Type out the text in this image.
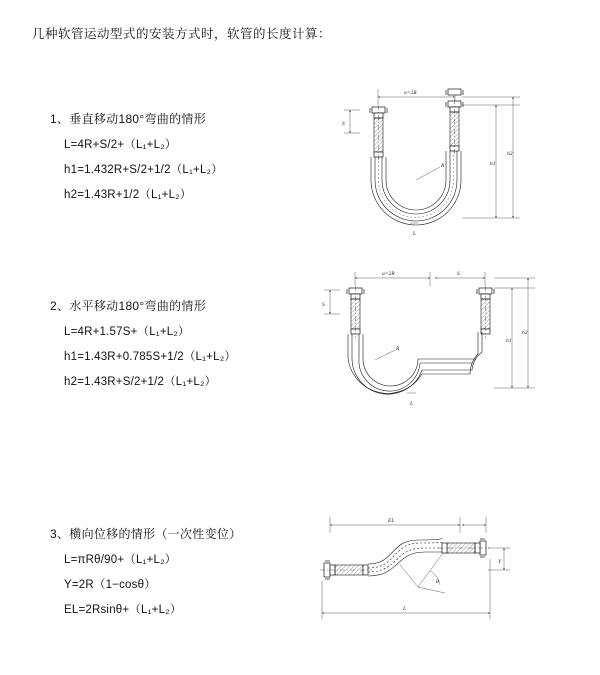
几种软管运动型式的安装方式时，软管的长度计算：
1、垂直移动180°弯曲的情形
L=4R+S/2+（L₁+L₂）
h1=1.432R+S/2+1/2（L₁+L₂）
h2=1.43R+1/2（L₁+L₂）
a=2R
S
R
L
h1
h2
2、水平移动180°弯曲的情形
L=4R+1.57S+（L₁+L₂）
h1=1.43R+0.785S+1/2（L₁+L₂）
h2=1.43R+S/2+1/2（L₁+L₂）
a=2R	S
S
R
L
h1
h2
3、横向位移的情形（一次性变位）
L=πRθ/90+（L₁+L₂）
Y=2R（1−cosθ）
EL=2Rsinθ+（L₁+L₂）
EL
θ
Y
L
